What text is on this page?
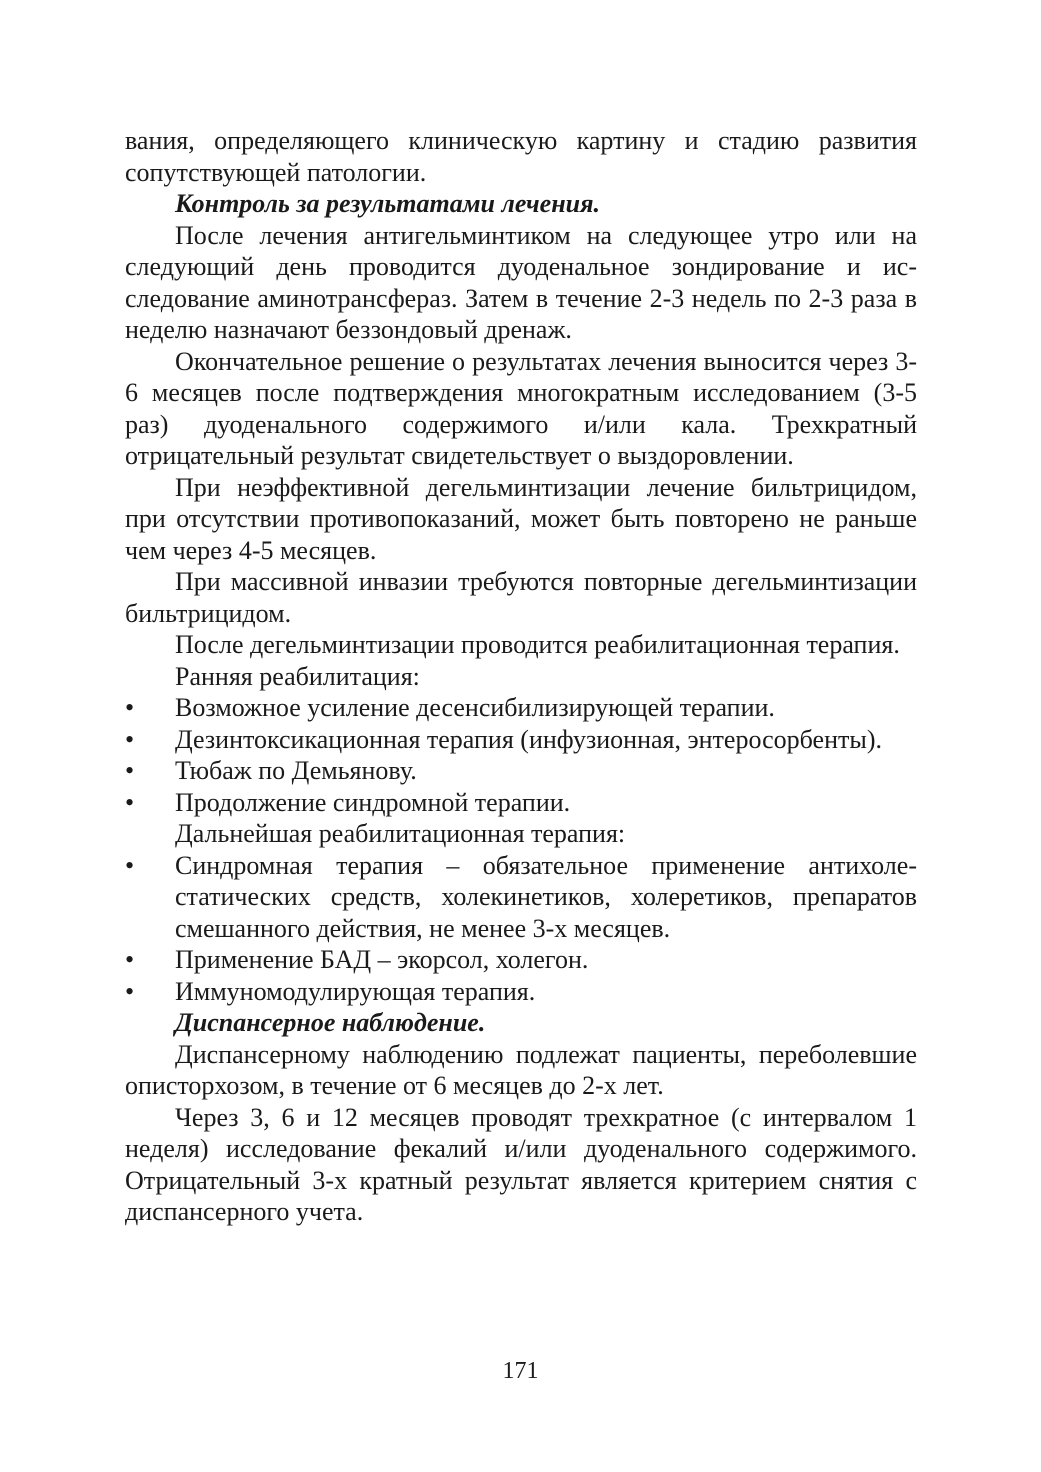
вания, определяющего клиническую картину и стадию развития сопутствующей патологии.

Контроль за результатами лечения.

После лечения антигельминтиком на следующее утро или на следующий день проводится дуоденальное зондирование и исследование аминотрансфераз. Затем в течение 2-3 недель по 2-3 раза в неделю назначают беззондовый дренаж.

Окончательное решение о результатах лечения выносится через 3-6 месяцев после подтверждения многократным исследованием (3-5 раз) дуоденального содержимого и/или кала. Трехкратный отрицательный результат свидетельствует о выздоровлении.

При неэффективной дегельминтизации лечение бильтрицидом, при отсутствии противопоказаний, может быть повторено не раньше чем через 4-5 месяцев.

При массивной инвазии требуются повторные дегельминтизации бильтрицидом.

После дегельминтизации проводится реабилитационная терапия.

Ранняя реабилитация:

• Возможное усиление десенсибилизирующей терапии.
• Дезинтоксикационная терапия (инфузионная, энтеросорбенты).
• Тюбаж по Демьянову.
• Продолжение синдромной терапии.

Дальнейшая реабилитационная терапия:

• Синдромная терапия – обязательное применение антихолестатических средств, холекинетиков, холеретиков, препаратов смешанного действия, не менее 3-х месяцев.
• Применение БАД – экорсол, холегон.
• Иммуномодулирующая терапия.

Диспансерное наблюдение.

Диспансерному наблюдению подлежат пациенты, переболевшие описторхозом, в течение от 6 месяцев до 2-х лет.

Через 3, 6 и 12 месяцев проводят трехкратное (с интервалом 1 неделя) исследование фекалий и/или дуоденального содержимого. Отрицательный 3-х кратный результат является критерием снятия с диспансерного учета.

171
